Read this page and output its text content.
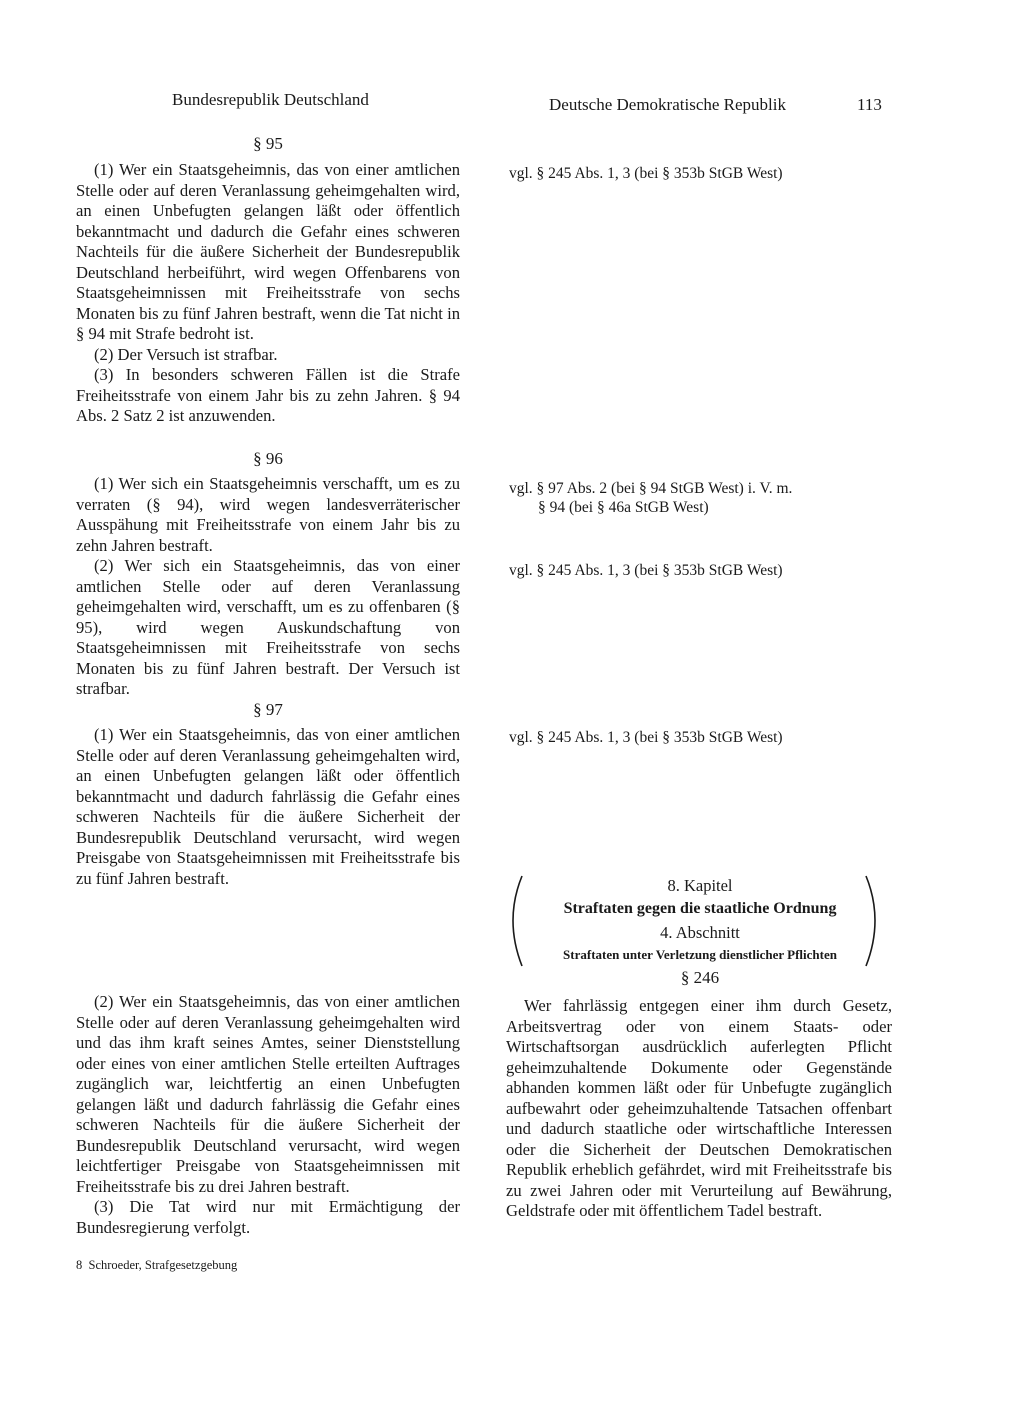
Bundesrepublik Deutschland	Deutsche Demokratische Republik	113
§ 95

(1) Wer ein Staatsgeheimnis, das von einer amtlichen Stelle oder auf deren Veranlassung geheimgehalten wird, an einen Unbefugten gelangen läßt oder öffentlich bekanntmacht und dadurch die Gefahr eines schweren Nachteils für die äußere Sicherheit der Bundesrepublik Deutschland herbeiführt, wird wegen Offenbarens von Staatsgeheimnissen mit Freiheitsstrafe von sechs Monaten bis zu fünf Jahren bestraft, wenn die Tat nicht in § 94 mit Strafe bedroht ist.

(2) Der Versuch ist strafbar.

(3) In besonders schweren Fällen ist die Strafe Freiheitsstrafe von einem Jahr bis zu zehn Jahren. § 94 Abs. 2 Satz 2 ist anzuwenden.

§ 96

(1) Wer sich ein Staatsgeheimnis verschafft, um es zu verraten (§ 94), wird wegen landesverräterischer Ausspähung mit Freiheitsstrafe von einem Jahr bis zu zehn Jahren bestraft.

(2) Wer sich ein Staatsgeheimnis, das von einer amtlichen Stelle oder auf deren Veranlassung geheimgehalten wird, verschafft, um es zu offenbaren (§ 95), wird wegen Auskundschaftung von Staatsgeheimnissen mit Freiheitsstrafe von sechs Monaten bis zu fünf Jahren bestraft. Der Versuch ist strafbar.

§ 97

(1) Wer ein Staatsgeheimnis, das von einer amtlichen Stelle oder auf deren Veranlassung geheimgehalten wird, an einen Unbefugten gelangen läßt oder öffentlich bekanntmacht und dadurch fahrlässig die Gefahr eines schweren Nachteils für die äußere Sicherheit der Bundesrepublik Deutschland verursacht, wird wegen Preisgabe von Staatsgeheimnissen mit Freiheitsstrafe bis zu fünf Jahren bestraft.

(2) Wer ein Staatsgeheimnis, das von einer amtlichen Stelle oder auf deren Veranlassung geheimgehalten wird und das ihm kraft seines Amtes, seiner Dienststellung oder eines von einer amtlichen Stelle erteilten Auftrages zugänglich war, leichtfertig an einen Unbefugten gelangen läßt und dadurch fahrlässig die Gefahr eines schweren Nachteils für die äußere Sicherheit der Bundesrepublik Deutschland verursacht, wird wegen leichtfertiger Preisgabe von Staatsgeheimnissen mit Freiheitsstrafe bis zu drei Jahren bestraft.

(3) Die Tat wird nur mit Ermächtigung der Bundesregierung verfolgt.

8 Schroeder, Strafgesetzgebung
vgl. § 245 Abs. 1, 3 (bei § 353b StGB West)
vgl. § 97 Abs. 2 (bei § 94 StGB West) i. V. m.
§ 94 (bei § 46a StGB West)
vgl. § 245 Abs. 1, 3 (bei § 353b StGB West)
vgl. § 245 Abs. 1, 3 (bei § 353b StGB West)
8. Kapitel
Straftaten gegen die staatliche Ordnung
4. Abschnitt
Straftaten unter Verletzung dienstlicher Pflichten
§ 246

Wer fahrlässig entgegen einer ihm durch Gesetz, Arbeitsvertrag oder von einem Staats- oder Wirtschaftsorgan ausdrücklich auferlegten Pflicht geheimzuhaltende Dokumente oder Gegenstände abhanden kommen läßt oder für Unbefugte zugänglich aufbewahrt oder geheimzuhaltende Tatsachen offenbart und dadurch staatliche oder wirtschaftliche Interessen oder die Sicherheit der Deutschen Demokratischen Republik erheblich gefährdet, wird mit Freiheitsstrafe bis zu zwei Jahren oder mit Verurteilung auf Bewährung, Geldstrafe oder mit öffentlichem Tadel bestraft.
